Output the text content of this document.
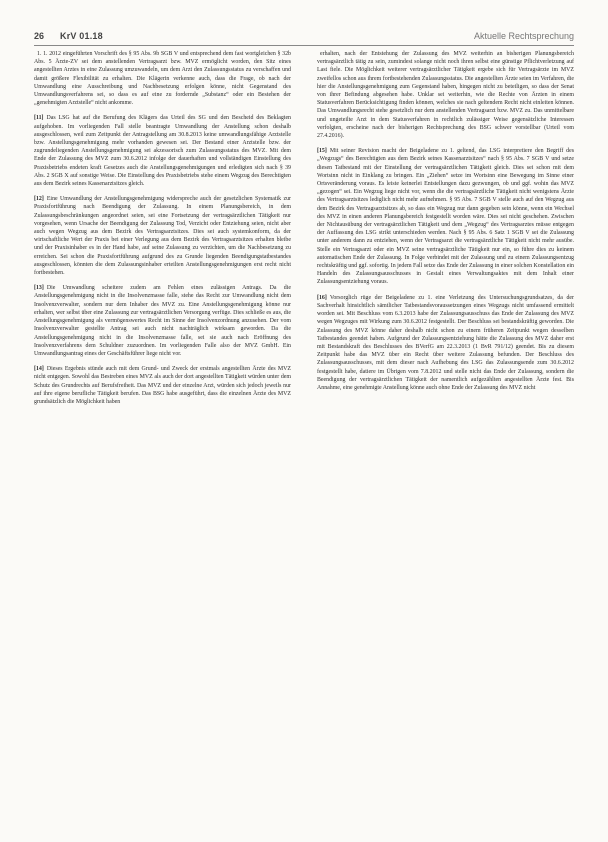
26 KrV 01.18	Aktuelle Rechtsprechung

1. 1. 2012 eingeführten Vorschrift des § 95 Abs. 9b SGB V und entsprechend dem fast wortgleichen § 32b Abs. 5 Ärzte-ZV sei dem anstellenden Vertragsarzt bzw. MVZ ermöglicht worden, den Sitz eines angestellten Arztes in eine Zulassung umzuwandeln, um dem Arzt den Zulassungsstatus zu verschaffen und damit größere Flexibilität zu erhalten. Die Klägerin verkenne auch, dass die Frage, ob nach der Umwandlung eine Ausschreibung und Nachbesetzung erfolgen könne, nicht Gegenstand des Umwandlungsverfahrens sei, so dass es auf eine zu fordernde „Substanz“ oder ein Bestehen der „genehmigten Arztstelle“ nicht ankomme.

[11] Das LSG hat auf die Berufung des Klägers das Urteil des SG und den Bescheid des Beklagten aufgehoben. Im vorliegenden Fall stelle beantragte Umwandlung der Anstellung schon deshalb ausgeschlossen, weil zum Zeitpunkt der Antragstellung am 30.8.2013 keine umwandlungsfähige Arztstelle bzw. Anstellungsgenehmigung mehr vorhanden gewesen sei. Der Bestand einer Arztstelle bzw. der zugrundeliegenden Anstellungsgenehmigung sei akzessorisch zum Zulassungsstatus des MVZ. Mit dem Ende der Zulassung des MVZ zum 30.6.2012 infolge der dauerhaften und vollständigen Einstellung des Praxisbetriebs endeten kraft Gesetzes auch die Anstellungsgenehmigungen und erledigten sich nach § 39 Abs. 2 SGB X auf sonstige Weise. Die Einstellung des Praxisbetriebs stehe einem Wegzug des Berechtigten aus dem Bezirk seines Kassenarztsitzes gleich.

[12] Eine Umwandlung der Anstellungsgenehmigung widerspreche auch der gesetzlichen Systematik zur Praxisfortführung nach Beendigung der Zulassung. In einem Planungsbereich, in dem Zulassungsbeschränkungen angeordnet seien, sei eine Fortsetzung der vertragsärztlichen Tätigkeit nur vorgesehen, wenn Ursache der Beendigung der Zulassung Tod, Verzicht oder Entziehung seien, nicht aber auch wegen Wegzug aus dem Bezirk des Vertragsarztsitzes. Dies sei auch systemkonform, da der wirtschaftliche Wert der Praxis bei einer Verlegung aus dem Bezirk des Vertragsarztsitzes erhalten bleibe und der Praxisinhaber es in der Hand habe, auf seine Zulassung zu verzichten, um die Nachbesetzung zu erreichen. Sei schon die Praxisfortführung aufgrund des zu Grunde liegenden Beendigungstatbestandes ausgeschlossen, könnten die dem Zulassungsinhaber erteilten Anstellungsgenehmigungen erst recht nicht fortbestehen.

[13] Die Umwandlung scheitere zudem am Fehlen eines zulässigen Antrags. Da die Anstellungsgenehmigung nicht in die Insolvenzmasse falle, stehe das Recht zur Umwandlung nicht dem Insolvenzverwalter, sondern nur dem Inhaber des MVZ zu. Eine Anstellungsgenehmigung könne nur erhalten, wer selbst über eine Zulassung zur vertragsärztlichen Versorgung verfüge. Dies schließe es aus, die Anstellungsgenehmigung als vermögenswertes Recht im Sinne der Insolvenzordnung anzusehen. Der vom Insolvenzverwalter gestellte Antrag sei auch nicht nachträglich wirksam geworden. Da die Anstellungsgenehmigung nicht in die Insolvenzmasse falle, sei sie auch nach Eröffnung des Insolvenzverfahrens dem Schuldner zuzuordnen. Im vorliegenden Falle also der MVZ GmbH. Ein Umwandlungsantrag eines der Geschäftsführer liege nicht vor.

[14] Dieses Ergebnis stünde auch mit dem Grund- und Zweck der erstmals angestellten Ärzte des MVZ nicht entgegen. Sowohl das Bestreben eines MVZ als auch der dort angestellten Tätigkeit würden unter dem Schutz des Grundrechts auf Berufsfreiheit. Das MVZ und der einzelne Arzt, würden sich jedoch jeweils nur auf ihre eigene berufliche Tätigkeit berufen. Das BSG habe ausgeführt, dass die einzelnen Ärzte des MVZ grundsätzlich die Möglichkeit haben

erhalten, nach der Entstehung der Zulassung des MVZ weiterhin an bisherigen Planungsbereich vertragsärztlich tätig zu sein, zumindest solange nicht noch ihren selbst eine günstige Pflichtverletzung auf Last fiele. Die Möglichkeit weiterer vertragsärztlicher Tätigkeit ergebe sich für Vertragsärzte im MVZ zweifellos schon aus ihrem fortbestehenden Zulassungsstatus. Die angestellten Ärzte seien im Verfahren, die hier die Anstellungsgenehmigung zum Gegenstand haben, hingegen nicht zu beteiligen, so dass der Senat von ihrer Befindung abgesehen habe. Unklar sei weiterhin, wie die Rechte von Ärzten in einem Statusverfahren Berücksichtigung finden können, welches sie nach geltendem Recht nicht einleiten können. Das Umwandlungsrecht stehe gesetzlich nur dem anstellenden Vertragsarzt bzw. MVZ zu. Das unmittelbare und ungeteilte Arzt in dem Statusverfahren in rechtlich zulässiger Weise gegensätzliche Interessen verfolgten, erscheine nach der bisherigen Rechtsprechung des BSG schwer vorstellbar (Urteil vom 27.4.2016).

[15] Mit seiner Revision macht der Beigeladene zu 1. geltend, das LSG interpretiere den Begriff des „Wegzugs“ des Berechtigten aus dem Bezirk seines Kassenarztsitzes“ nach § 95 Abs. 7 SGB V und setze diesen Tatbestand mit der Einstellung der vertragsärztlichen Tätigkeit gleich. Dies sei schon mit dem Wortsinn nicht in Einklang zu bringen. Ein „Ziehen“ setze im Wortsinn eine Bewegung im Sinne einer Ortsveränderung voraus. Es leiste keinerlei Entstellungen dazu gezwungen, ob und ggf. wohin das MVZ „gezogen“ sei. Ein Wegzug liege nicht vor, wenn die die vertragsärztliche Tätigkeit nicht wenigstens Ärzte des Vertragsarztsitzes lediglich nicht mehr aufnehmen. § 95 Abs. 7 SGB V stelle auch auf den Wegzug aus dem Bezirk des Vertragsarztsitzes ab, so dass ein Wegzug nur dann gegeben sein könne, wenn ein Wechsel des MVZ in einen anderen Planungsbereich festgestellt worden wäre. Dies sei nicht geschehen. Zwischen der Nichtausübung der vertragsärztlichen Tätigkeit und dem „Wegzug“ des Vertragsarztes müsse entgegen der Auffassung des LSG strikt unterschieden werden. Nach § 95 Abs. 6 Satz 1 SGB V sei die Zulassung unter anderem dann zu entziehen, wenn der Vertragsarzt die vertragsärztliche Tätigkeit nicht mehr ausübe. Stelle ein Vertragsarzt oder ein MVZ seine vertragsärztliche Tätigkeit nur ein, so führe dies zu keinem automatischen Ende der Zulassung. In Folge verbindet mit der Zulassung und zu einem Zulassungsentzug rechtskräftig und ggf. sofortig. In jedem Fall setze das Ende der Zulassung in einer solchen Konstellation ein Handeln des Zulassungsausschusses in Gestalt eines Verwaltungsaktes mit dem Inhalt einer Zulassungsentziehung voraus.

[16] Vorsorglich rüge der Beigeladene zu 1. eine Verletzung des Untersuchungsgrundsatzes, da der Sachverhalt hinsichtlich sämtlicher Tatbestandsvoraussetzungen eines Wegzugs nicht umfassend ermittelt worden sei. Mit Beschluss vom 6.3.2013 habe der Zulassungsausschuss das Ende der Zulassung des MVZ wegen Wegzuges mit Wirkung zum 30.6.2012 festgestellt. Der Beschluss sei bestandskräftig geworden. Die Zulassung des MVZ könne daher deshalb nicht schon zu einem früheren Zeitpunkt wegen desselben Tatbestandes geendet haben. Aufgrund der Zulassungsentziehung hätte die Zulassung des MVZ daher erst mit Bestandskraft des Beschlusses des BVerfG am 22.3.2013 (1 BvR 791/12) geendet. Bis zu diesem Zeitpunkt habe das MVZ über ein Recht über weitere Zulassung befunden. Der Beschluss des Zulassungsausschusses, mit dem dieser nach Aufhebung des LSG das Zulassungsende zum 30.6.2012 festgestellt habe, datiere im Übrigen vom 7.8.2012 und stelle nicht das Ende der Zulassung, sondern die Beendigung der vertragsärztlichen Tätigkeit der namentlich aufgezählten angestellten Ärzte fest. Bis Annahme, eine genehmigte Anstellung könne auch ohne Ende der Zulassung des MVZ nicht
